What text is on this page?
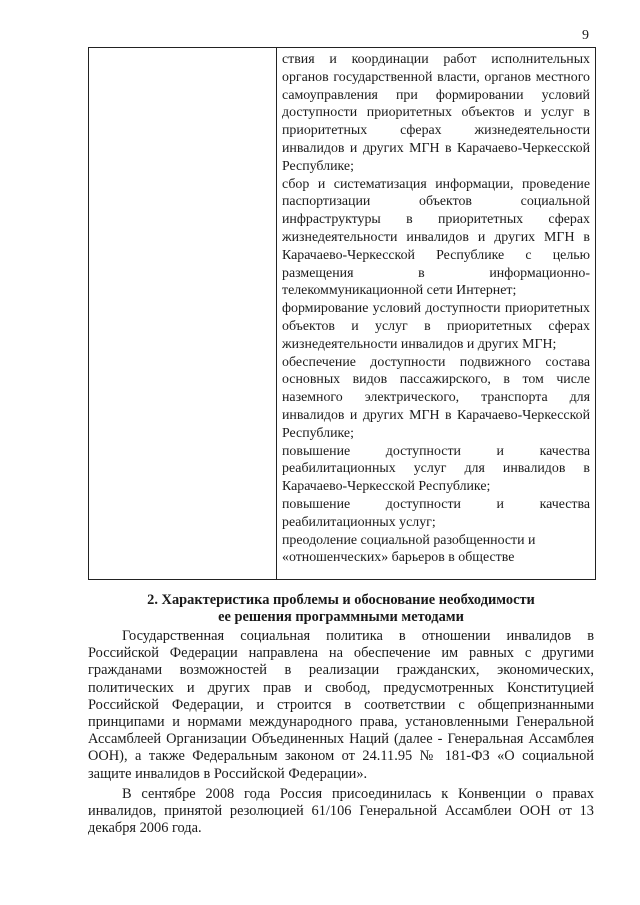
9

ствия и координации работ исполнительных органов государственной власти, органов местного самоуправления при формировании условий доступности приоритетных объектов и услуг в приоритетных сферах жизнедеятельности инвалидов и других МГН в Карачаево-Черкесской Республике;

сбор и систематизация информации, проведение паспортизации объектов социальной инфраструктуры в приоритетных сферах жизнедеятельности инвалидов и других МГН в Карачаево-Черкесской Республике с целью размещения в информационно-телекоммуникационной сети Интернет;

формирование условий доступности приоритетных объектов и услуг в приоритетных сферах жизнедеятельности инвалидов и других МГН;

обеспечение доступности подвижного состава основных видов пассажирского, в том числе наземного электрического, транспорта для инвалидов и других МГН в Карачаево-Черкесской Республике;

повышение доступности и качества реабилитационных услуг для инвалидов в Карачаево-Черкесской Республике;

повышение доступности и качества реабилитационных услуг;

преодоление социальной разобщенности и «отношенческих» барьеров в обществе

2. Характеристика проблемы и обоснование необходимости
ее решения программными методами

Государственная социальная политика в отношении инвалидов в Российской Федерации направлена на обеспечение им равных с другими гражданами возможностей в реализации гражданских, экономических, политических и других прав и свобод, предусмотренных Конституцией Российской Федерации, и строится в соответствии с общепризнанными принципами и нормами международного права, установленными Генеральной Ассамблеей Организации Объединенных Наций (далее - Генеральная Ассамблея ООН), а также Федеральным законом от 24.11.95 № 181-ФЗ «О социальной защите инвалидов в Российской Федерации».

В сентябре 2008 года Россия присоединилась к Конвенции о правах инвалидов, принятой резолюцией 61/106 Генеральной Ассамблеи ООН от 13 декабря 2006 года.
